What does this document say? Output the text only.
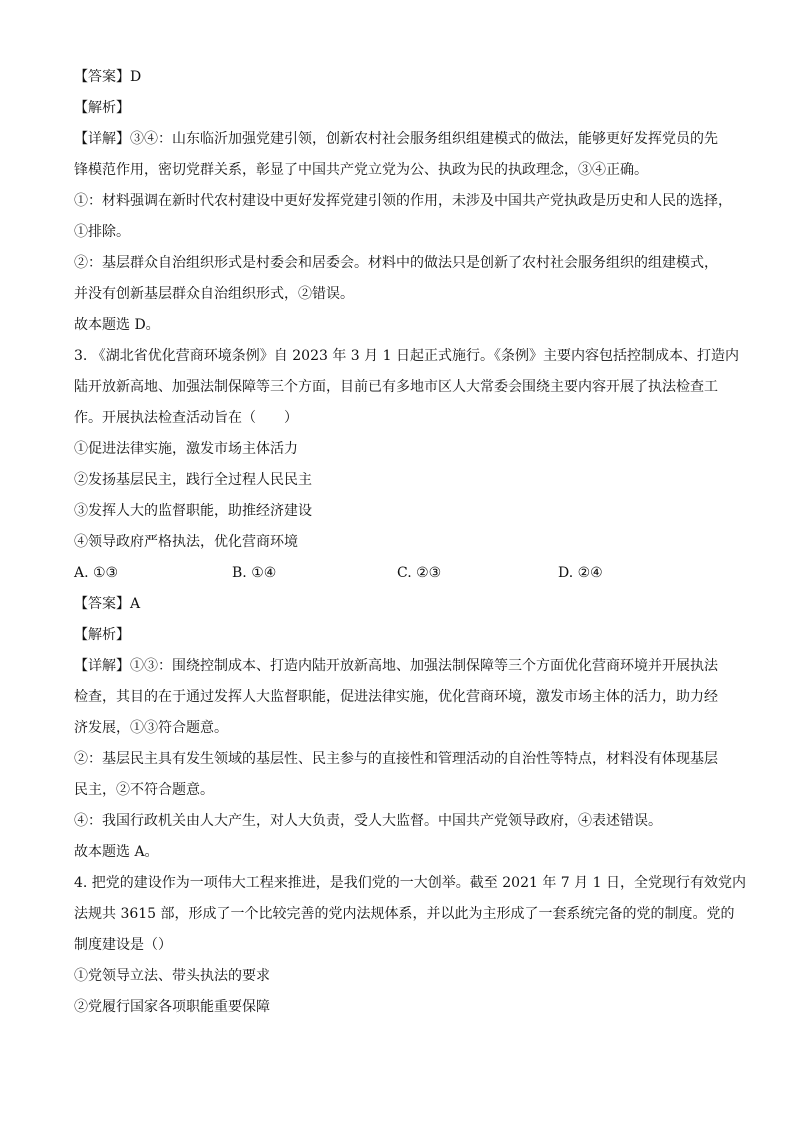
【答案】D
【解析】
【详解】③④：山东临沂加强党建引领，创新农村社会服务组织组建模式的做法，能够更好发挥党员的先
锋模范作用，密切党群关系，彰显了中国共产党立党为公、执政为民的执政理念，③④正确。
①：材料强调在新时代农村建设中更好发挥党建引领的作用，未涉及中国共产党执政是历史和人民的选择，
①排除。
②：基层群众自治组织形式是村委会和居委会。材料中的做法只是创新了农村社会服务组织的组建模式，
并没有创新基层群众自治组织形式，②错误。
故本题选 D。
3. 《湖北省优化营商环境条例》自 2023 年 3 月 1 日起正式施行。《条例》主要内容包括控制成本、打造内
陆开放新高地、加强法制保障等三个方面，目前已有多地市区人大常委会围绕主要内容开展了执法检查工
作。开展执法检查活动旨在（　　）
①促进法律实施，激发市场主体活力
②发扬基层民主，践行全过程人民民主
③发挥人大的监督职能，助推经济建设
④领导政府严格执法，优化营商环境
A. ①③	B. ①④	C. ②③	D. ②④
【答案】A
【解析】
【详解】①③：围绕控制成本、打造内陆开放新高地、加强法制保障等三个方面优化营商环境并开展执法
检查，其目的在于通过发挥人大监督职能，促进法律实施，优化营商环境，激发市场主体的活力，助力经
济发展，①③符合题意。
②：基层民主具有发生领域的基层性、民主参与的直接性和管理活动的自治性等特点，材料没有体现基层
民主，②不符合题意。
④：我国行政机关由人大产生，对人大负责，受人大监督。中国共产党领导政府，④表述错误。
故本题选 A。
4. 把党的建设作为一项伟大工程来推进，是我们党的一大创举。截至 2021 年 7 月 1 日，全党现行有效党内
法规共 3615 部，形成了一个比较完善的党内法规体系，并以此为主形成了一套系统完备的党的制度。党的
制度建设是（）
①党领导立法、带头执法的要求
②党履行国家各项职能重要保障
